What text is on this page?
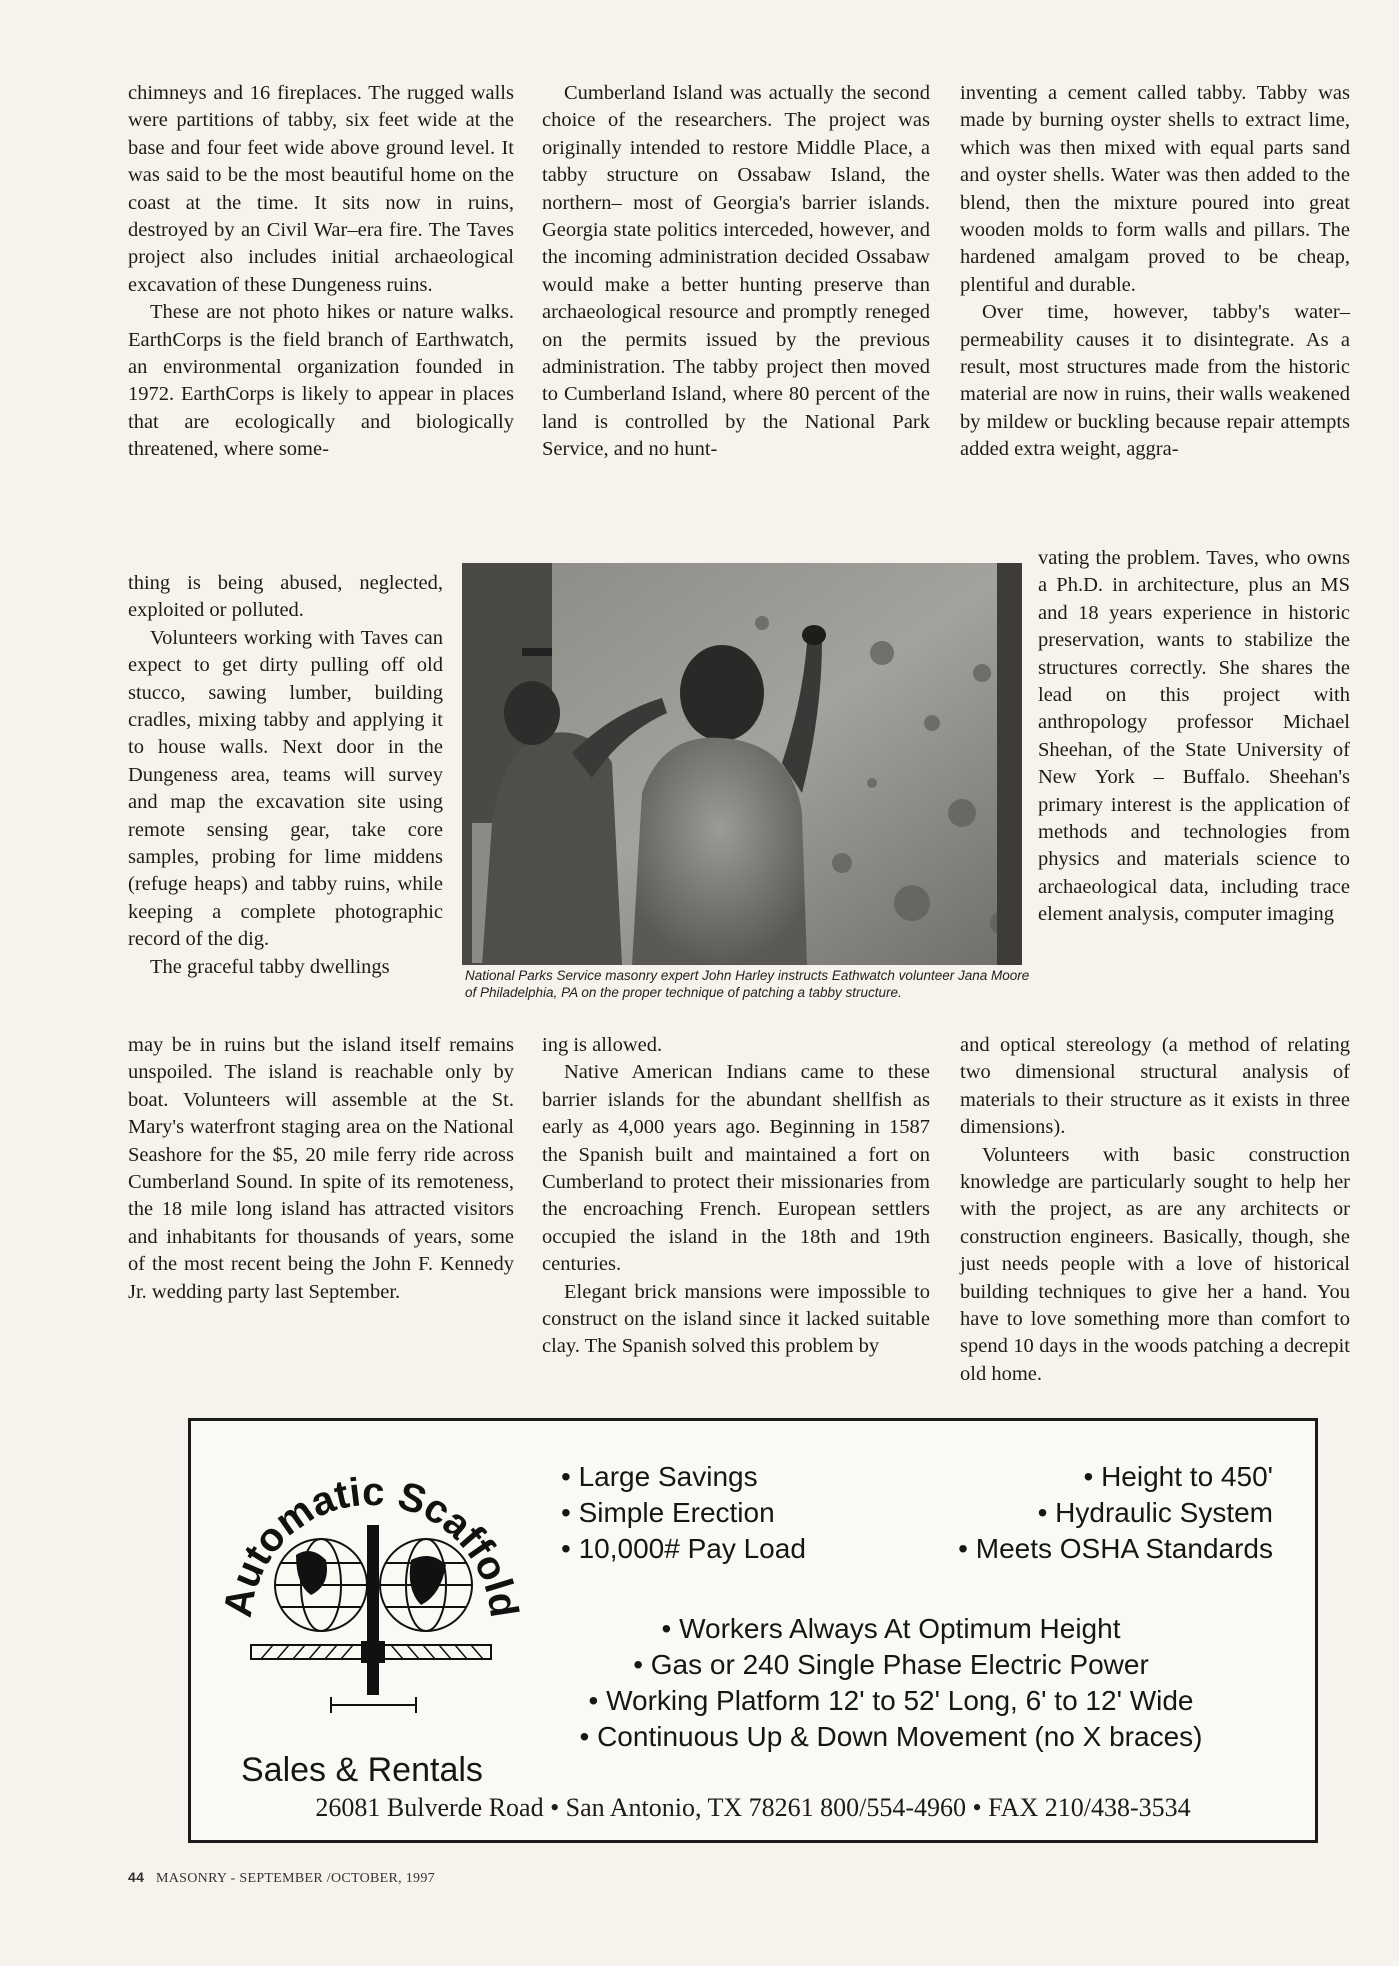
chimneys and 16 fireplaces. The rugged walls were partitions of tabby, six feet wide at the base and four feet wide above ground level. It was said to be the most beautiful home on the coast at the time. It sits now in ruins, destroyed by an Civil War–era fire. The Taves project also includes initial archaeological excavation of these Dungeness ruins.

These are not photo hikes or nature walks. EarthCorps is the field branch of Earthwatch, an environmental organization founded in 1972. EarthCorps is likely to appear in places that are ecologically and biologically threatened, where some-

thing is being abused, neglected, exploited or polluted.

Volunteers working with Taves can expect to get dirty pulling off old stucco, sawing lumber, building cradles, mixing tabby and applying it to house walls. Next door in the Dungeness area, teams will survey and map the excavation site using remote sensing gear, take core samples, probing for lime middens (refuge heaps) and tabby ruins, while keeping a complete photographic record of the dig.

The graceful tabby dwellings

may be in ruins but the island itself remains unspoiled. The island is reachable only by boat. Volunteers will assemble at the St. Mary's waterfront staging area on the National Seashore for the $5, 20 mile ferry ride across Cumberland Sound. In spite of its remoteness, the 18 mile long island has attracted visitors and inhabitants for thousands of years, some of the most recent being the John F. Kennedy Jr. wedding party last September.

Cumberland Island was actually the second choice of the researchers. The project was originally intended to restore Middle Place, a tabby structure on Ossabaw Island, the northern– most of Georgia's barrier islands. Georgia state politics interceded, however, and the incoming administration decided Ossabaw would make a better hunting preserve than archaeological resource and promptly reneged on the permits issued by the previous administration. The tabby project then moved to Cumberland Island, where 80 percent of the land is controlled by the National Park Service, and no hunt-

ing is allowed.

Native American Indians came to these barrier islands for the abundant shellfish as early as 4,000 years ago. Beginning in 1587 the Spanish built and maintained a fort on Cumberland to protect their missionaries from the encroaching French. European settlers occupied the island in the 18th and 19th centuries.

Elegant brick mansions were impossible to construct on the island since it lacked suitable clay. The Spanish solved this problem by

inventing a cement called tabby. Tabby was made by burning oyster shells to extract lime, which was then mixed with equal parts sand and oyster shells. Water was then added to the blend, then the mixture poured into great wooden molds to form walls and pillars. The hardened amalgam proved to be cheap, plentiful and durable.

Over time, however, tabby's water–permeability causes it to disintegrate. As a result, most structures made from the historic material are now in ruins, their walls weakened by mildew or buckling because repair attempts added extra weight, aggra-

vating the problem. Taves, who owns a Ph.D. in architecture, plus an MS and 18 years experience in historic preservation, wants to stabilize the structures correctly. She shares the lead on this project with anthropology professor Michael Sheehan, of the State University of New York – Buffalo. Sheehan's primary interest is the application of methods and technologies from physics and materials science to archaeological data, including trace element analysis, computer imaging

and optical stereology (a method of relating two dimensional structural analysis of materials to their structure as it exists in three dimensions).

Volunteers with basic construction knowledge are particularly sought to help her with the project, as are any architects or construction engineers. Basically, though, she just needs people with a love of historical building techniques to give her a hand. You have to love something more than comfort to spend 10 days in the woods patching a decrepit old home.

National Parks Service masonry expert John Harley instructs Eathwatch volunteer Jana Moore of Philadelphia, PA on the proper technique of patching a tabby structure.
Automatic Scaffold
• Large Savings
• Simple Erection
• 10,000# Pay Load
• Height to 450'
• Hydraulic System
• Meets OSHA Standards
• Workers Always At Optimum Height
• Gas or 240 Single Phase Electric Power
• Working Platform 12' to 52' Long, 6' to 12' Wide
• Continuous Up & Down Movement (no X braces)
Sales & Rentals
26081 Bulverde Road • San Antonio, TX 78261 800/554-4960 • FAX 210/438-3534
44 MASONRY - SEPTEMBER /OCTOBER, 1997
